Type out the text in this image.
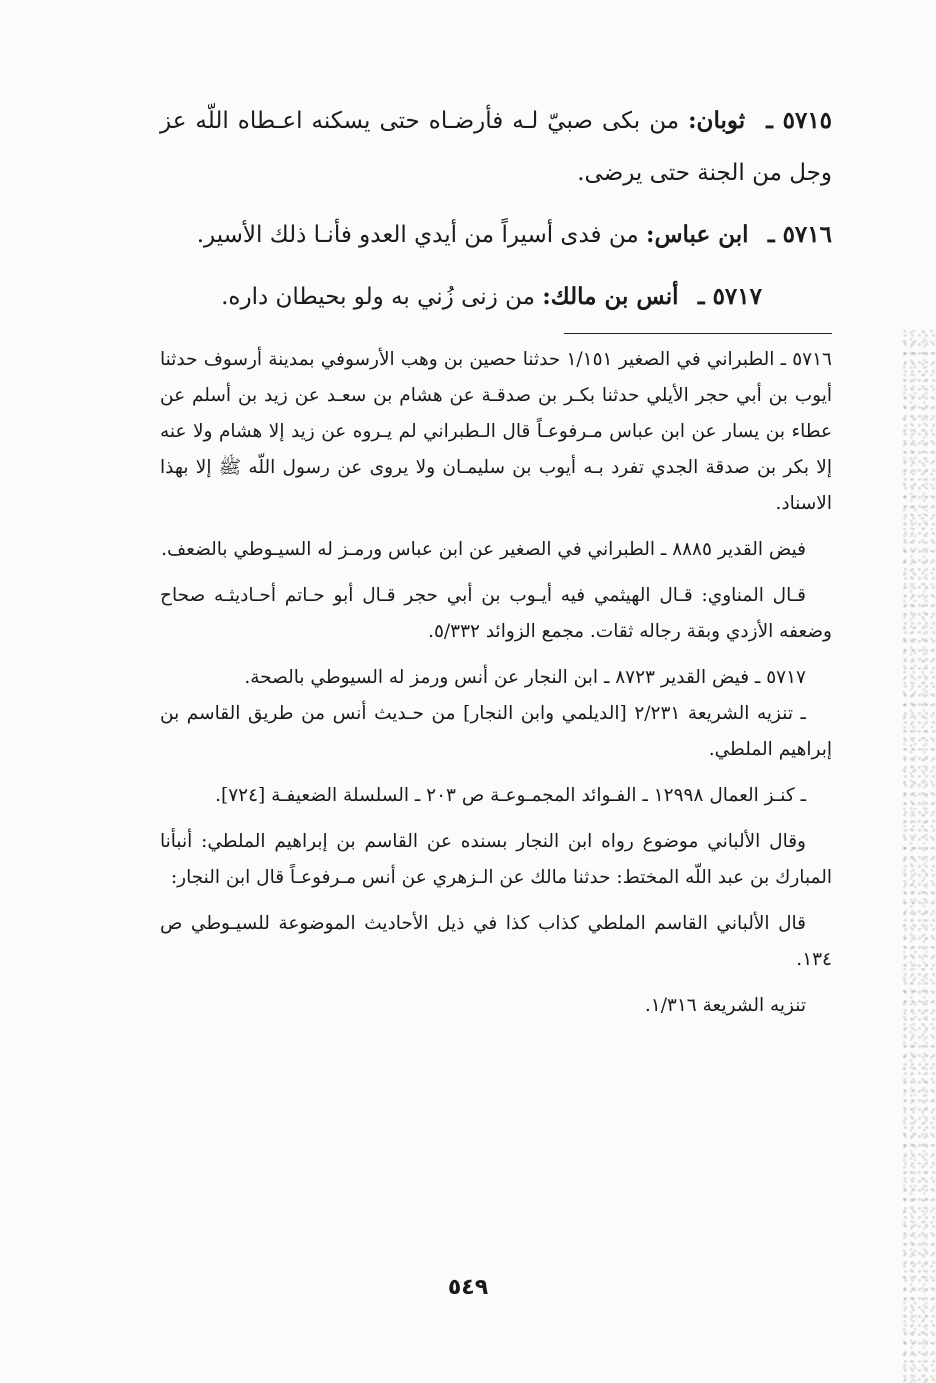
٥٧١٥ ـ ثوبان: من بكى صبيّ لـه فأرضـاه حتى يسكنه اعـطاه اللّه عز وجل من الجنة حتى يرضى.

٥٧١٦ ـ ابن عباس: من فدى أسيراً من أيدي العدو فأنـا ذلك الأسير.

٥٧١٧ ـ أنس بن مالك: من زنى زُني به ولو بحيطان داره.

٥٧١٦ ـ الطبراني في الصغير ١/١٥١ حدثنا حصين بن وهب الأرسوفي بمدينة أرسوف حدثنا أيوب بن أبي حجر الأيلي حدثنا بكـر بن صدقـة عن هشام بن سعـد عن زيد بن أسلم عن عطاء بن يسار عن ابن عباس مـرفوعـاً قال الـطبراني لم يـروه عن زيد إلا هشام ولا عنه إلا بكر بن صدقة الجدي تفرد بـه أيوب بن سليمـان ولا يروى عن رسول اللّه ﷺ إلا بهذا الاسناد.

فيض القدير ٨٨٨٥ ـ الطبراني في الصغير عن ابن عباس ورمـز له السيـوطي بالضعف.

قـال المناوي: قـال الهيثمي فيه أيـوب بن أبي حجر قـال أبو حـاتم أحـاديثـه صحاح وضعفه الأزدي وبقة رجاله ثقات. مجمع الزوائد ٥/٣٣٢.

٥٧١٧ ـ فيض القدير ٨٧٢٣ ـ ابن النجار عن أنس ورمز له السيوطي بالصحة.

ـ تنزيه الشريعة ٢/٢٣١ [الديلمي وابن النجار] من حـديث أنس من طريق القاسم بن إبراهيم الملطي.

ـ كنـز العمال ١٢٩٩٨ ـ الفـوائد المجمـوعـة ص ٢٠٣ ـ السلسلة الضعيفـة [٧٢٤].

وقال الألباني موضوع رواه ابن النجار بسنده عن القاسم بن إبراهيم الملطي: أنبأنا المبارك بن عبد اللّه المختط: حدثنا مالك عن الـزهري عن أنس مـرفوعـاً قال ابن النجار:

قال الألباني القاسم الملطي كذاب كذا في ذيل الأحاديث الموضوعة للسيـوطي ص ١٣٤.

تنزيه الشريعة ١/٣١٦.

٥٤٩
